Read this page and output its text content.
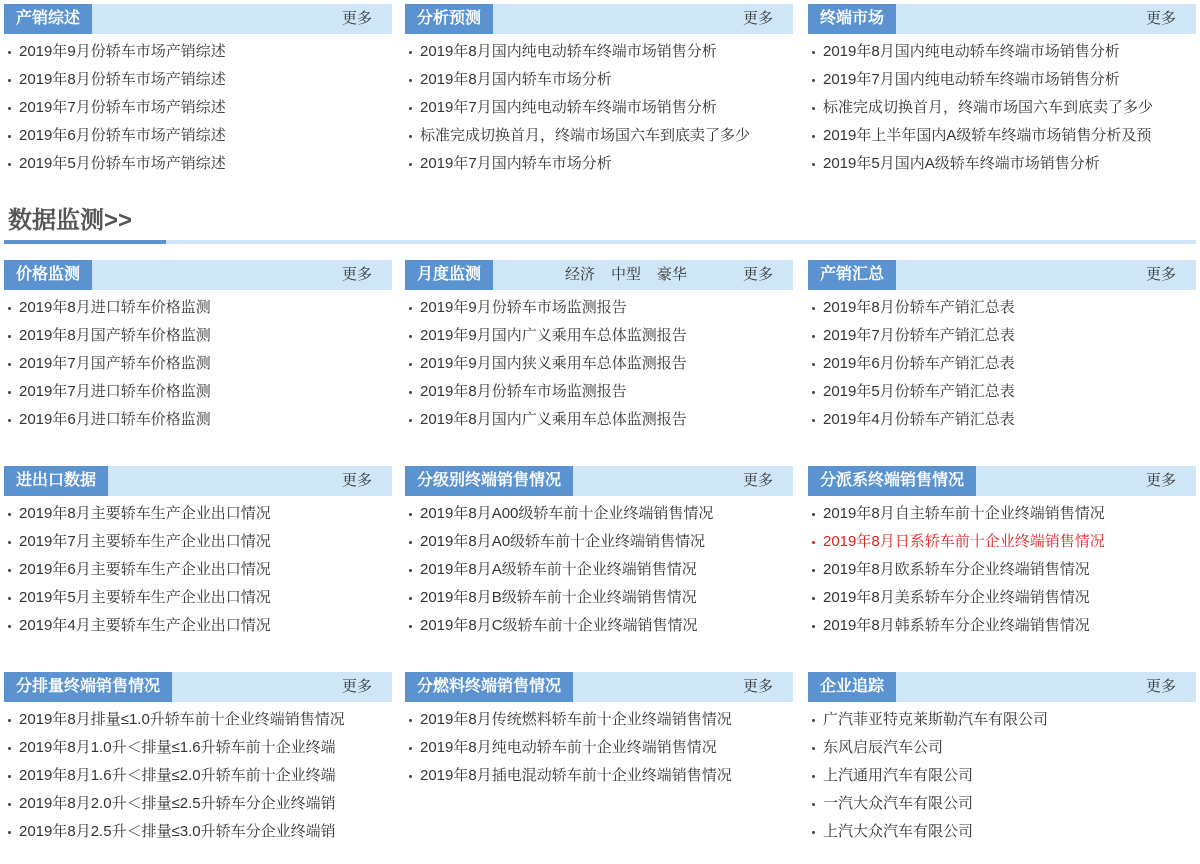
产销综述	更多
2019年9月份轿车市场产销综述
2019年8月份轿车市场产销综述
2019年7月份轿车市场产销综述
2019年6月份轿车市场产销综述
2019年5月份轿车市场产销综述
分析预测	更多
2019年8月国内纯电动轿车终端市场销售分析
2019年8月国内轿车市场分析
2019年7月国内纯电动轿车终端市场销售分析
标准完成切换首月，终端市场国六车到底卖了多少
2019年7月国内轿车市场分析
终端市场	更多
2019年8月国内纯电动轿车终端市场销售分析
2019年7月国内纯电动轿车终端市场销售分析
标准完成切换首月，终端市场国六车到底卖了多少
2019年上半年国内A级轿车终端市场销售分析及预
2019年5月国内A级轿车终端市场销售分析
价格监测	更多
2019年8月进口轿车价格监测
2019年8月国产轿车价格监测
2019年7月国产轿车价格监测
2019年7月进口轿车价格监测
2019年6月进口轿车价格监测
月度监测	经济 中型 豪华	更多
2019年9月份轿车市场监测报告
2019年9月国内广义乘用车总体监测报告
2019年9月国内狭义乘用车总体监测报告
2019年8月份轿车市场监测报告
2019年8月国内广义乘用车总体监测报告
产销汇总	更多
2019年8月份轿车产销汇总表
2019年7月份轿车产销汇总表
2019年6月份轿车产销汇总表
2019年5月份轿车产销汇总表
2019年4月份轿车产销汇总表
进出口数据	更多
2019年8月主要轿车生产企业出口情况
2019年7月主要轿车生产企业出口情况
2019年6月主要轿车生产企业出口情况
2019年5月主要轿车生产企业出口情况
2019年4月主要轿车生产企业出口情况
分级别终端销售情况	更多
2019年8月A00级轿车前十企业终端销售情况
2019年8月A0级轿车前十企业终端销售情况
2019年8月A级轿车前十企业终端销售情况
2019年8月B级轿车前十企业终端销售情况
2019年8月C级轿车前十企业终端销售情况
分派系终端销售情况	更多
2019年8月自主轿车前十企业终端销售情况
2019年8月日系轿车前十企业终端销售情况
2019年8月欧系轿车分企业终端销售情况
2019年8月美系轿车分企业终端销售情况
2019年8月韩系轿车分企业终端销售情况
分排量终端销售情况	更多
2019年8月排量≤1.0升轿车前十企业终端销售情况
2019年8月1.0升＜排量≤1.6升轿车前十企业终端
2019年8月1.6升＜排量≤2.0升轿车前十企业终端
2019年8月2.0升＜排量≤2.5升轿车分企业终端销
2019年8月2.5升＜排量≤3.0升轿车分企业终端销
分燃料终端销售情况	更多
2019年8月传统燃料轿车前十企业终端销售情况
2019年8月纯电动轿车前十企业终端销售情况
2019年8月插电混动轿车前十企业终端销售情况
企业追踪	更多
广汽菲亚特克莱斯勒汽车有限公司
东风启辰汽车公司
上汽通用汽车有限公司
一汽大众汽车有限公司
上汽大众汽车有限公司
数据监测>>
